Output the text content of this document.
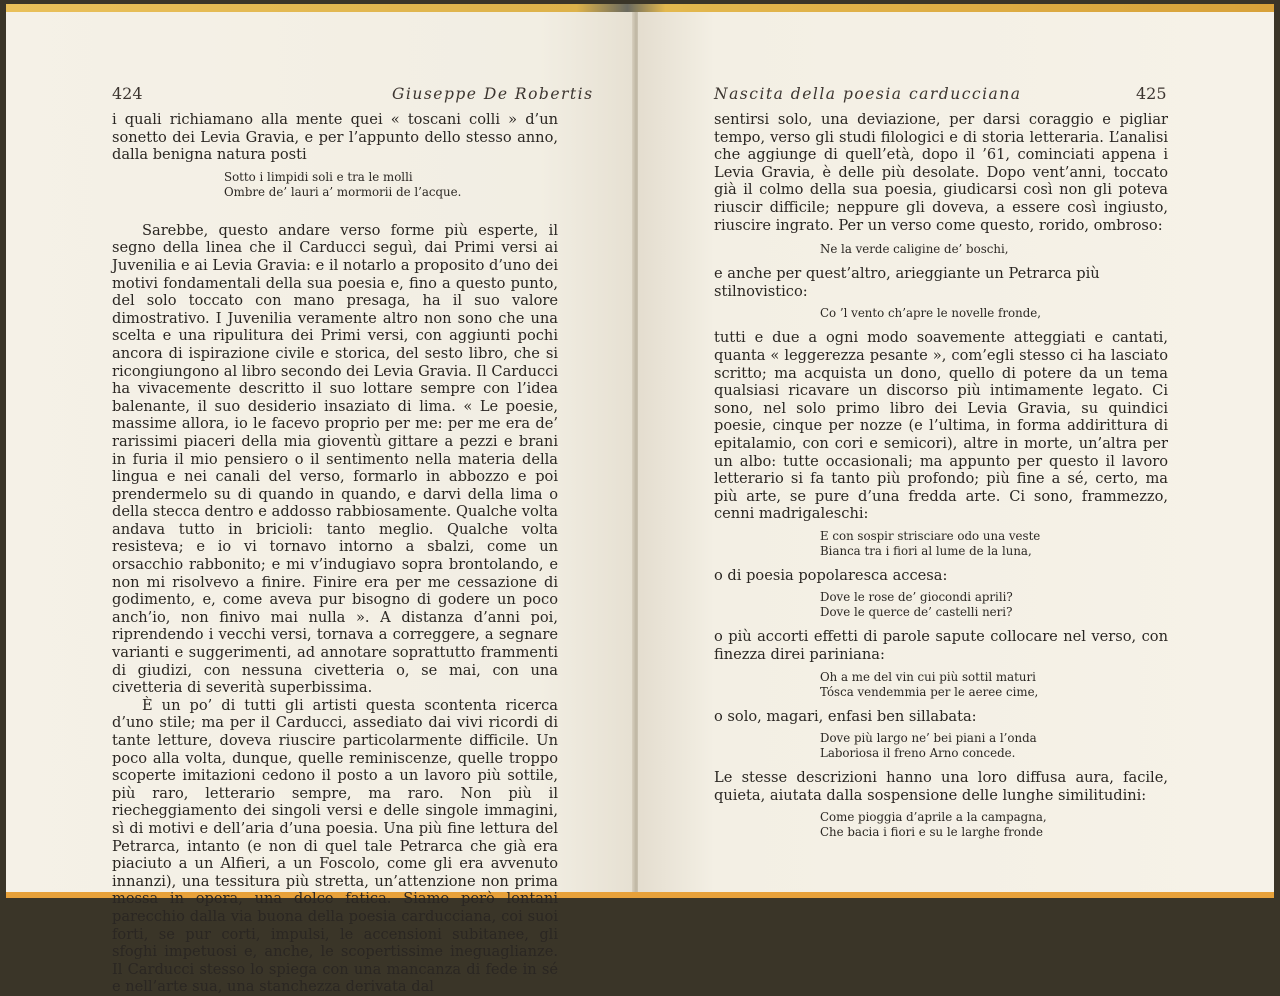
424	Giuseppe De Robertis

i quali richiamano alla mente quei « toscani colli » d’un sonetto dei Levia Gravia, e per l’appunto dello stesso anno, dalla benigna natura posti

Sotto i limpidi soli e tra le molli
Ombre de’ lauri a’ mormorii de l’acque.

Sarebbe, questo andare verso forme più esperte, il segno della linea che il Carducci seguì, dai Primi versi ai Juvenilia e ai Levia Gravia: e il notarlo a proposito d’uno dei motivi fondamentali della sua poesia e, fino a questo punto, del solo toccato con mano presaga, ha il suo valore dimostrativo. I Juvenilia veramente altro non sono che una scelta e una ripulitura dei Primi versi, con aggiunti pochi ancora di ispirazione civile e storica, del sesto libro, che si ricongiungono al libro secondo dei Levia Gravia. Il Carducci ha vivacemente descritto il suo lottare sempre con l’idea balenante, il suo desiderio insaziato di lima. « Le poesie, massime allora, io le facevo proprio per me: per me era de’ rarissimi piaceri della mia gioventù gittare a pezzi e brani in furia il mio pensiero o il sentimento nella materia della lingua e nei canali del verso, formarlo in abbozzo e poi prendermelo su di quando in quando, e darvi della lima o della stecca dentro e addosso rabbiosamente. Qualche volta andava tutto in bricioli: tanto meglio. Qualche volta resisteva; e io vi tornavo intorno a sbalzi, come un orsacchio rabbonito; e mi v’indugiavo sopra brontolando, e non mi risolvevo a finire. Finire era per me cessazione di godimento, e, come aveva pur bisogno di godere un poco anch’io, non finivo mai nulla ». A distanza d’anni poi, riprendendo i vecchi versi, tornava a correggere, a segnare varianti e suggerimenti, ad annotare soprattutto frammenti di giudizi, con nessuna civetteria o, se mai, con una civetteria di severità superbissima.

È un po’ di tutti gli artisti questa scontenta ricerca d’uno stile; ma per il Carducci, assediato dai vivi ricordi di tante letture, doveva riuscire particolarmente difficile. Un poco alla volta, dunque, quelle reminiscenze, quelle troppo scoperte imitazioni cedono il posto a un lavoro più sottile, più raro, letterario sempre, ma raro. Non più il riecheggiamento dei singoli versi e delle singole immagini, sì di motivi e dell’aria d’una poesia. Una più fine lettura del Petrarca, intanto (e non di quel tale Petrarca che già era piaciuto a un Alfieri, a un Foscolo, come gli era avvenuto innanzi), una tessitura più stretta, un’attenzione non prima messa in opera, una dolce fatica. Siamo però lontani parecchio dalla via buona della poesia carducciana, coi suoi forti, se pur corti, impulsi, le accensioni subitanee, gli sfoghi impetuosi e, anche, le scopertissime ineguaglianze. Il Carducci stesso lo spiega con una mancanza di fede in sé e nell’arte sua, una stanchezza derivata dal

Nascita della poesia carducciana	425

sentirsi solo, una deviazione, per darsi coraggio e pigliar tempo, verso gli studi filologici e di storia letteraria. L’analisi che aggiunge di quell’età, dopo il ’61, cominciati appena i Levia Gravia, è delle più desolate. Dopo vent’anni, toccato già il colmo della sua poesia, giudicarsi così non gli poteva riuscir difficile; neppure gli doveva, a essere così ingiusto, riuscire ingrato. Per un verso come questo, rorido, ombroso:

Ne la verde caligine de’ boschi,

e anche per quest’altro, arieggiante un Petrarca più stilnovistico:

Co ’l vento ch’apre le novelle fronde,

tutti e due a ogni modo soavemente atteggiati e cantati, quanta « leggerezza pesante », com’egli stesso ci ha lasciato scritto; ma acquista un dono, quello di potere da un tema qualsiasi ricavare un discorso più intimamente legato. Ci sono, nel solo primo libro dei Levia Gravia, su quindici poesie, cinque per nozze (e l’ultima, in forma addirittura di epitalamio, con cori e semicori), altre in morte, un’altra per un albo: tutte occasionali; ma appunto per questo il lavoro letterario si fa tanto più profondo; più fine a sé, certo, ma più arte, se pure d’una fredda arte. Ci sono, frammezzo, cenni madrigaleschi:

E con sospir strisciare odo una veste
Bianca tra i fiori al lume de la luna,

o di poesia popolaresca accesa:

Dove le rose de’ giocondi aprili?
Dove le querce de’ castelli neri?

o più accorti effetti di parole sapute collocare nel verso, con finezza direi pariniana:

Oh a me del vin cui più sottil maturi
Tósca vendemmia per le aeree cime,

o solo, magari, enfasi ben sillabata:

Dove più largo ne’ bei piani a l’onda
Laboriosa il freno Arno concede.

Le stesse descrizioni hanno una loro diffusa aura, facile, quieta, aiutata dalla sospensione delle lunghe similitudini:

Come pioggia d’aprile a la campagna,
Che bacia i fiori e su le larghe fronde
